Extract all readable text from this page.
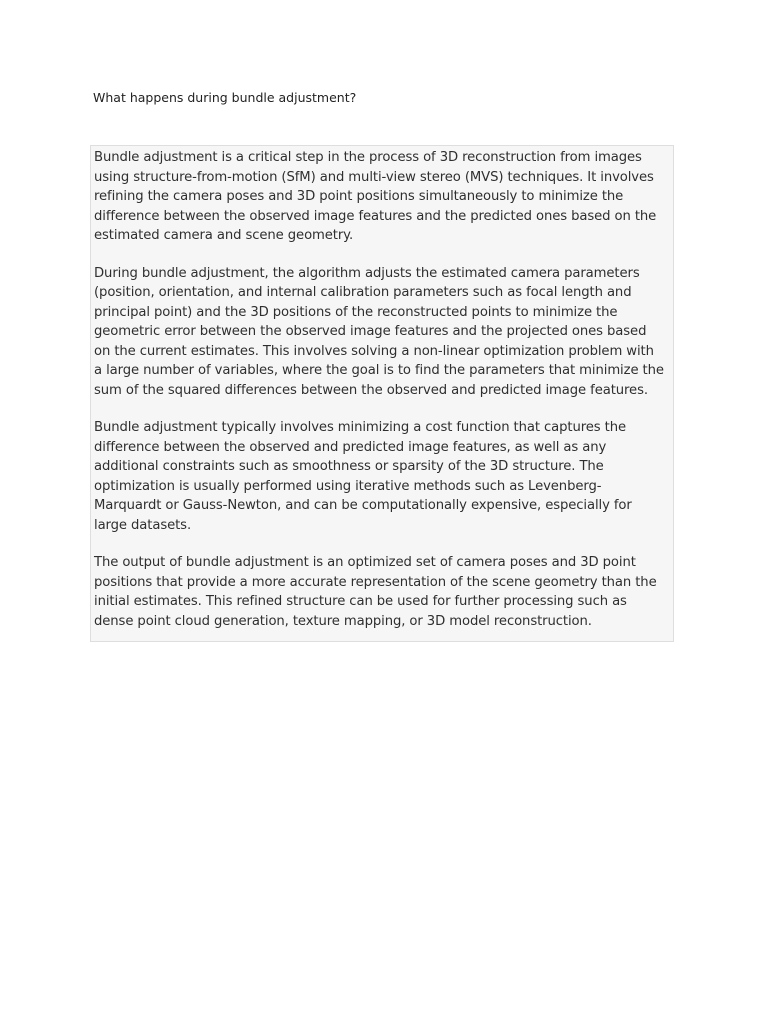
What happens during bundle adjustment?

Bundle adjustment is a critical step in the process of 3D reconstruction from images using structure-from-motion (SfM) and multi-view stereo (MVS) techniques. It involves refining the camera poses and 3D point positions simultaneously to minimize the difference between the observed image features and the predicted ones based on the estimated camera and scene geometry.

During bundle adjustment, the algorithm adjusts the estimated camera parameters (position, orientation, and internal calibration parameters such as focal length and principal point) and the 3D positions of the reconstructed points to minimize the geometric error between the observed image features and the projected ones based on the current estimates. This involves solving a non-linear optimization problem with a large number of variables, where the goal is to find the parameters that minimize the sum of the squared differences between the observed and predicted image features.

Bundle adjustment typically involves minimizing a cost function that captures the difference between the observed and predicted image features, as well as any additional constraints such as smoothness or sparsity of the 3D structure. The optimization is usually performed using iterative methods such as Levenberg-Marquardt or Gauss-Newton, and can be computationally expensive, especially for large datasets.

The output of bundle adjustment is an optimized set of camera poses and 3D point positions that provide a more accurate representation of the scene geometry than the initial estimates. This refined structure can be used for further processing such as dense point cloud generation, texture mapping, or 3D model reconstruction.
